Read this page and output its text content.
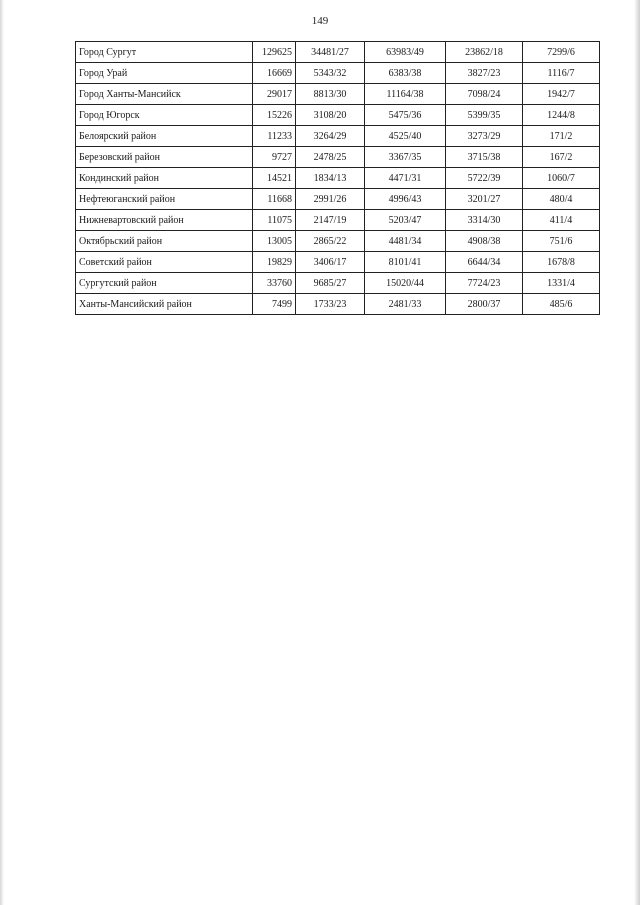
149
Город Сургут	129625	34481/27	63983/49	23862/18	7299/6
Город Урай	16669	5343/32	6383/38	3827/23	1116/7
Город Ханты-Мансийск	29017	8813/30	11164/38	7098/24	1942/7
Город Югорск	15226	3108/20	5475/36	5399/35	1244/8
Белоярский район	11233	3264/29	4525/40	3273/29	171/2
Березовский район	9727	2478/25	3367/35	3715/38	167/2
Кондинский район	14521	1834/13	4471/31	5722/39	1060/7
Нефтеюганский район	11668	2991/26	4996/43	3201/27	480/4
Нижневартовский район	11075	2147/19	5203/47	3314/30	411/4
Октябрьский район	13005	2865/22	4481/34	4908/38	751/6
Советский район	19829	3406/17	8101/41	6644/34	1678/8
Сургутский район	33760	9685/27	15020/44	7724/23	1331/4
Ханты-Мансийский район	7499	1733/23	2481/33	2800/37	485/6
